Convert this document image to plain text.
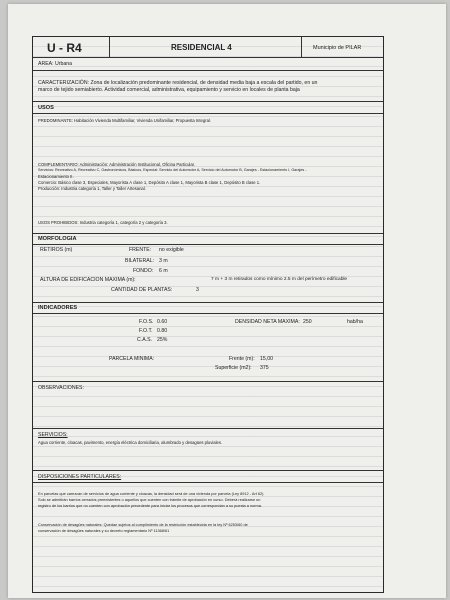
U - R4	RESIDENCIAL 4	Municipio de PILAR
AREA: Urbana
CARACTERIZACIÓN: Zona de localización predominante residencial, de densidad media baja a escala del partido, en un
marco de tejido semiabierto. Actividad comercial, administrativa, equipamiento y servicio en locales de planta baja
USOS
PREDOMINANTE: Habitación Vivienda Multifamiliar, Vivienda Unifamiliar, Propuesta Integral.
COMPLEMENTARIO: Administración: Administración Institucional, Oficina Particular.
Servicios: Recreativo A, Recreativo C, Gastronómicos, Básicos, Especial: Servicio del Automotor A, Servicio del Automotor B, Garajes - Estacionamiento I, Garajes -
Estacionamiento II.
Comercio: Básico clase 3, Especiales, Mayorista A clase 1, Depósito A clase 1, Mayorista B clase 1, Depósito B clase 1.
Producción: Industria categoría 1, Taller y Taller Artesanal.
USOS PROHIBIDOS: Industria categoría 1, categoría 2 y categoría 3.
MORFOLOGIA
RETIROS (m)	FRENTE: no exigible
BILATERAL: 3 m
FONDO: 6 m
ALTURA DE EDIFICACION MAXIMA (m):	7 m + 3 m retirados como mínimo 2.5 m del perímetro edificable
CANTIDAD DE PLANTAS:	3
INDICADORES
F.O.S. 0.60
F.O.T. 0.80
C.A.S. 25%
DENSIDAD NETA MAXIMA: 250	hab/ha
PARCELA MINIMA:	Frente (m): 15,00
Superficie (m2): 375
OBSERVACIONES:
SERVICIOS:
Agua corriente, cloacas, pavimento, energía eléctrica domiciliaria, alumbrado y desagües pluviales.
DISPOSICIONES PARTICULARES:
En parcelas que carezcan de servicios de agua corriente y cloacas, la densidad será de una vivienda por parcela (Ley 8912 - Art 62).
Solo se admitirán barrios cerrados preexistentes o aquellos que cuenten con trámite de aprobación en curso. Deberá realizarse un
registro de los barrios que no cuenten con aprobación precedente para iniciar los procesos que correspondan a su puesta a norma.
Conservación de desagües naturales: Quedan sujetos al cumplimiento de la restricción establecida en la ley Nº 6253/60 de
conservación de desagües naturales y su decreto reglamentario Nº 11368/61
